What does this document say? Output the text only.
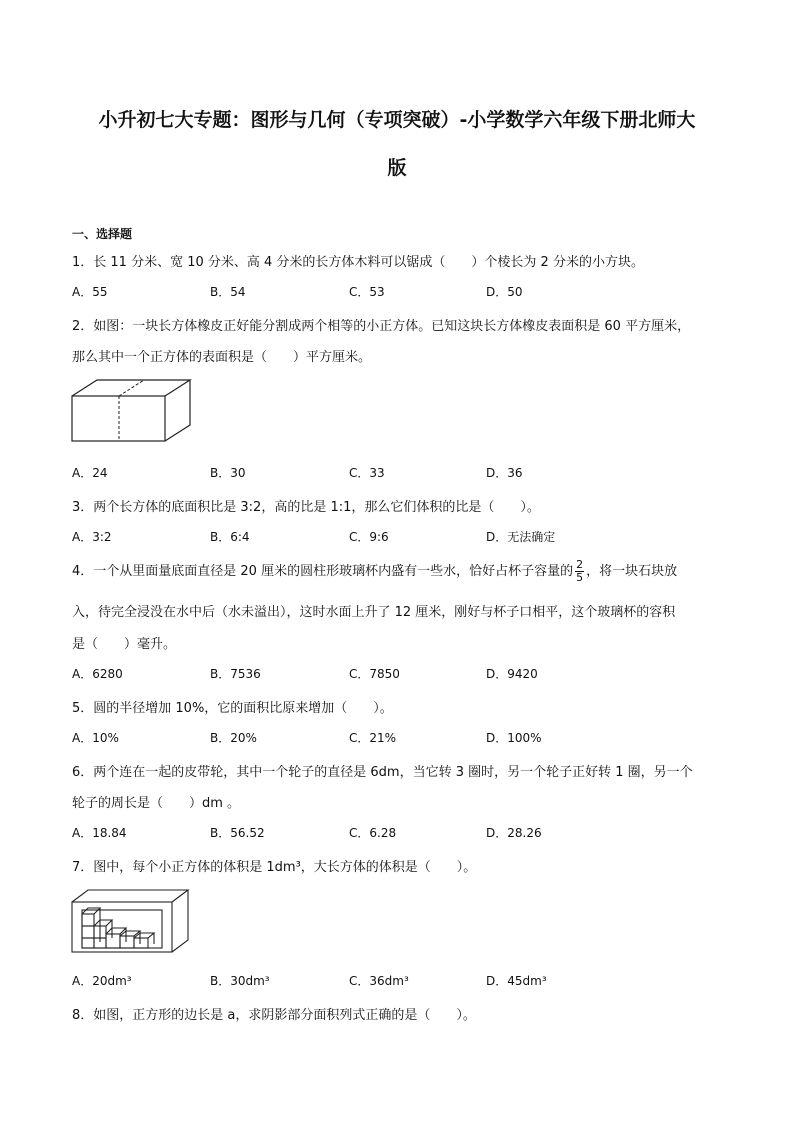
小升初七大专题：图形与几何（专项突破）-小学数学六年级下册北师大
版
一、选择题
1．长 11 分米、宽 10 分米、高 4 分米的长方体木料可以锯成（　　）个棱长为 2 分米的小方块。
A．55	B．54	C．53	D．50
2．如图：一块长方体橡皮正好能分割成两个相等的小正方体。已知这块长方体橡皮表面积是 60 平方厘米，
那么其中一个正方体的表面积是（　　）平方厘米。
A．24	B．30	C．33	D．36
3．两个长方体的底面积比是 3:2，高的比是 1:1，那么它们体积的比是（　　）。
A．3:2	B．6:4	C．9:6	D．无法确定
4．一个从里面量底面直径是 20 厘米的圆柱形玻璃杯内盛有一些水，恰好占杯子容量的 $\frac{2}{5}$ ，将一块石块放
入，待完全浸没在水中后（水未溢出），这时水面上升了 12 厘米，刚好与杯子口相平，这个玻璃杯的容积
是（　　）毫升。
A．6280	B．7536	C．7850	D．9420
5．圆的半径增加 10%，它的面积比原来增加（　　）。
A．10%	B．20%	C．21%	D．100%
6．两个连在一起的皮带轮，其中一个轮子的直径是 6dm，当它转 3 圈时，另一个轮子正好转 1 圈，另一个
轮子的周长是（　　）dm 。
A．18.84	B．56.52	C．6.28	D．28.26
7．图中，每个小正方体的体积是 1dm³，大长方体的体积是（　　）。
A．20dm³	B．30dm³	C．36dm³	D．45dm³
8．如图，正方形的边长是 a，求阴影部分面积列式正确的是（　　）。
